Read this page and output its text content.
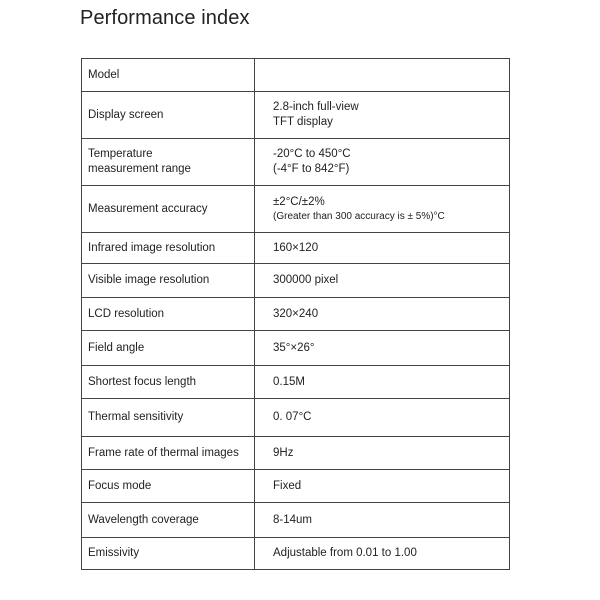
Performance index
Model	

Display screen	2.8-inch full-view
TFT display

Temperature
measurement range	-20°C to 450°C
(-4°F to 842°F)

Measurement accuracy	±2°C/±2%
(Greater than 300 accuracy is ± 5%)°C

Infrared image resolution	160×120

Visible image resolution	300000 pixel

LCD resolution	320×240

Field angle	35°×26°

Shortest focus length	0.15M

Thermal sensitivity	0. 07°C

Frame rate of thermal images	9Hz

Focus mode	Fixed

Wavelength coverage	8-14um

Emissivity	Adjustable from 0.01 to 1.00
